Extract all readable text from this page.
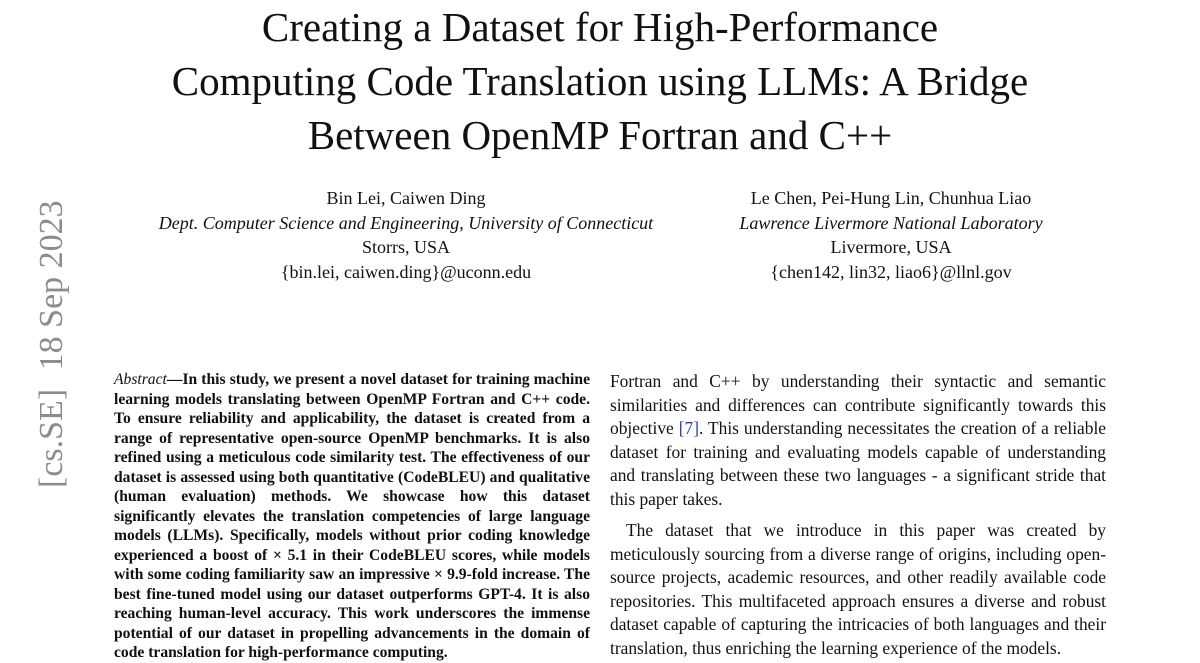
Creating a Dataset for High-Performance
Computing Code Translation using LLMs: A Bridge
Between OpenMP Fortran and C++
Bin Lei, Caiwen Ding
Dept. Computer Science and Engineering, University of Connecticut
Storrs, USA
{bin.lei, caiwen.ding}@uconn.edu
Le Chen, Pei-Hung Lin, Chunhua Liao
Lawrence Livermore National Laboratory
Livermore, USA
{chen142, lin32, liao6}@llnl.gov
[cs.SE] 18 Sep 2023
Abstract—In this study, we present a novel dataset for training machine learning models translating between OpenMP Fortran and C++ code. To ensure reliability and applicability, the dataset is created from a range of representative open-source OpenMP benchmarks. It is also refined using a meticulous code similarity test. The effectiveness of our dataset is assessed using both quantitative (CodeBLEU) and qualitative (human evaluation) methods. We showcase how this dataset significantly elevates the translation competencies of large language models (LLMs). Specifically, models without prior coding knowledge experienced a boost of × 5.1 in their CodeBLEU scores, while models with some coding familiarity saw an impressive × 9.9-fold increase. The best fine-tuned model using our dataset outperforms GPT-4. It is also reaching human-level accuracy. This work underscores the immense potential of our dataset in propelling advancements in the domain of code translation for high-performance computing.

Fortran and C++ by understanding their syntactic and semantic similarities and differences can contribute significantly towards this objective [7]. This understanding necessitates the creation of a reliable dataset for training and evaluating models capable of understanding and translating between these two languages - a significant stride that this paper takes.

The dataset that we introduce in this paper was created by meticulously sourcing from a diverse range of origins, including open-source projects, academic resources, and other readily available code repositories. This multifaceted approach ensures a diverse and robust dataset capable of capturing the intricacies of both languages and their translation, thus enriching the learning experience of the models.
